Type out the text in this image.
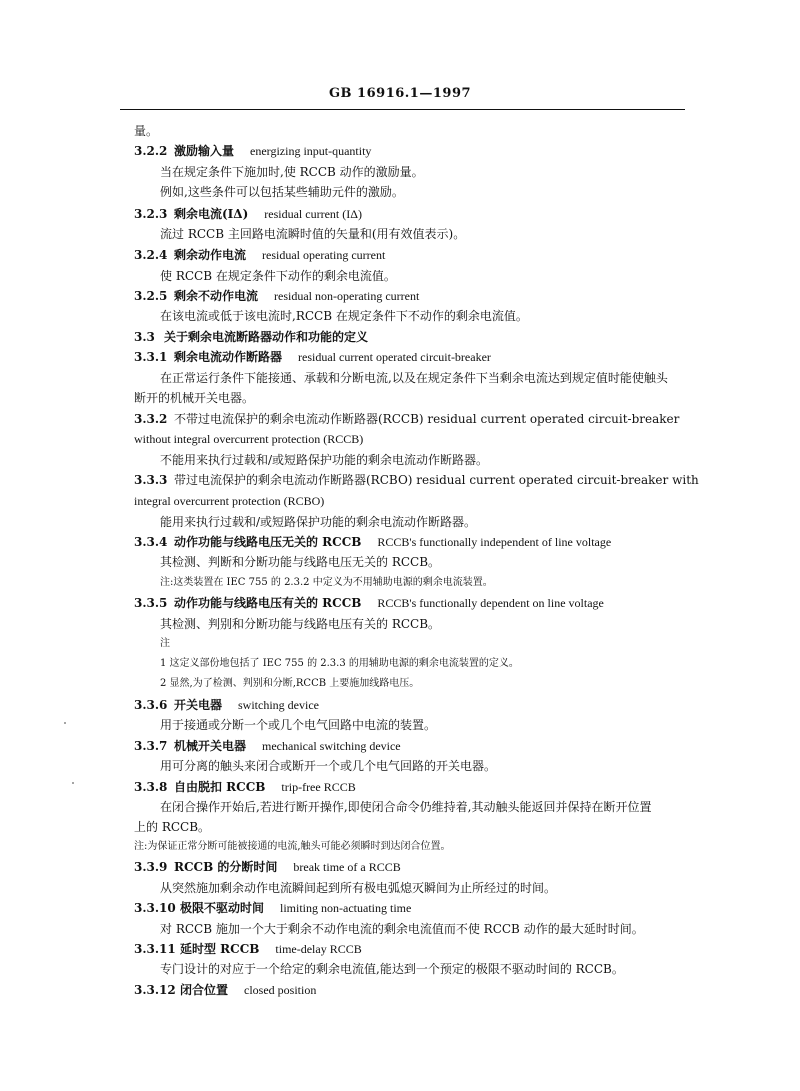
GB 16916.1—1997
量。
3.2.2 激励输入量 energizing input-quantity
当在规定条件下施加时,使 RCCB 动作的激励量。
例如,这些条件可以包括某些辅助元件的激励。
3.2.3 剩余电流(IΔ) residual current (IΔ)
流过 RCCB 主回路电流瞬时值的矢量和(用有效值表示)。
3.2.4 剩余动作电流 residual operating current
使 RCCB 在规定条件下动作的剩余电流值。
3.2.5 剩余不动作电流 residual non-operating current
在该电流或低于该电流时,RCCB 在规定条件下不动作的剩余电流值。
3.3 关于剩余电流断路器动作和功能的定义
3.3.1 剩余电流动作断路器 residual current operated circuit-breaker
在正常运行条件下能接通、承载和分断电流,以及在规定条件下当剩余电流达到规定值时能使触头
断开的机械开关电器。
3.3.2 不带过电流保护的剩余电流动作断路器(RCCB) residual current operated circuit-breaker
without integral overcurrent protection (RCCB)
不能用来执行过载和/或短路保护功能的剩余电流动作断路器。
3.3.3 带过电流保护的剩余电流动作断路器(RCBO) residual current operated circuit-breaker with
integral overcurrent protection (RCBO)
能用来执行过载和/或短路保护功能的剩余电流动作断路器。
3.3.4 动作功能与线路电压无关的 RCCB RCCB's functionally independent of line voltage
其检测、判断和分断功能与线路电压无关的 RCCB。
注:这类装置在 IEC 755 的 2.3.2 中定义为不用辅助电源的剩余电流装置。
3.3.5 动作功能与线路电压有关的 RCCB RCCB's functionally dependent on line voltage
其检测、判别和分断功能与线路电压有关的 RCCB。
注
1 这定义部份地包括了 IEC 755 的 2.3.3 的用辅助电源的剩余电流装置的定义。
2 显然,为了检测、判别和分断,RCCB 上要施加线路电压。
3.3.6 开关电器 switching device
用于接通或分断一个或几个电气回路中电流的装置。
3.3.7 机械开关电器 mechanical switching device
用可分离的触头来闭合或断开一个或几个电气回路的开关电器。
3.3.8 自由脱扣 RCCB trip-free RCCB
在闭合操作开始后,若进行断开操作,即使闭合命令仍维持着,其动触头能返回并保持在断开位置
上的 RCCB。
注:为保证正常分断可能被接通的电流,触头可能必须瞬时到达闭合位置。
3.3.9 RCCB 的分断时间 break time of a RCCB
从突然施加剩余动作电流瞬间起到所有极电弧熄灭瞬间为止所经过的时间。
3.3.10 极限不驱动时间 limiting non-actuating time
对 RCCB 施加一个大于剩余不动作电流的剩余电流值而不使 RCCB 动作的最大延时时间。
3.3.11 延时型 RCCB time-delay RCCB
专门设计的对应于一个给定的剩余电流值,能达到一个预定的极限不驱动时间的 RCCB。
3.3.12 闭合位置 closed position
